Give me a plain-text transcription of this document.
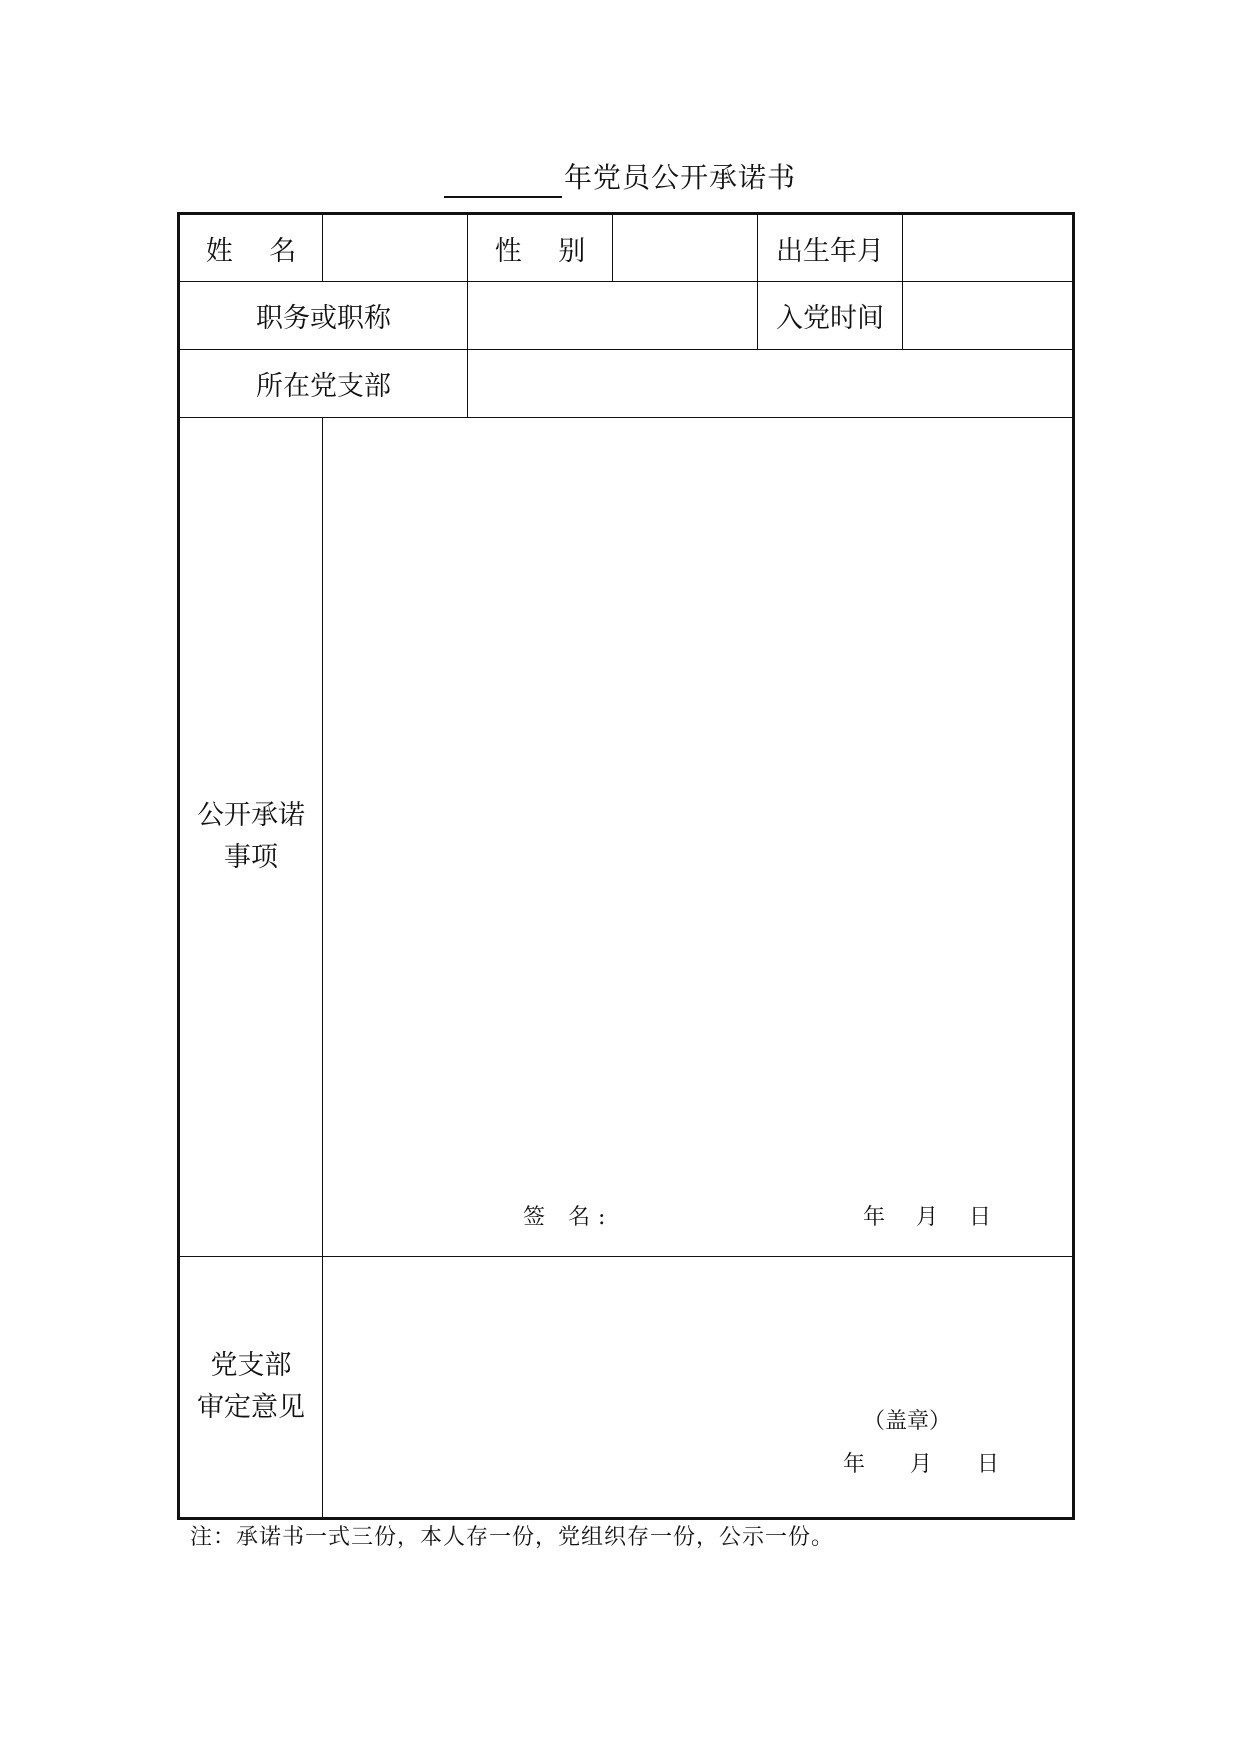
年党员公开承诺书
姓 名		性 别		出生年月	
职务或职称				入党时间	
所在党支部					

公开承诺
事项	签 名: 年 月 日				

党支部
审定意见	（盖章）
年 月 日				
注：承诺书一式三份，本人存一份，党组织存一份，公示一份。
